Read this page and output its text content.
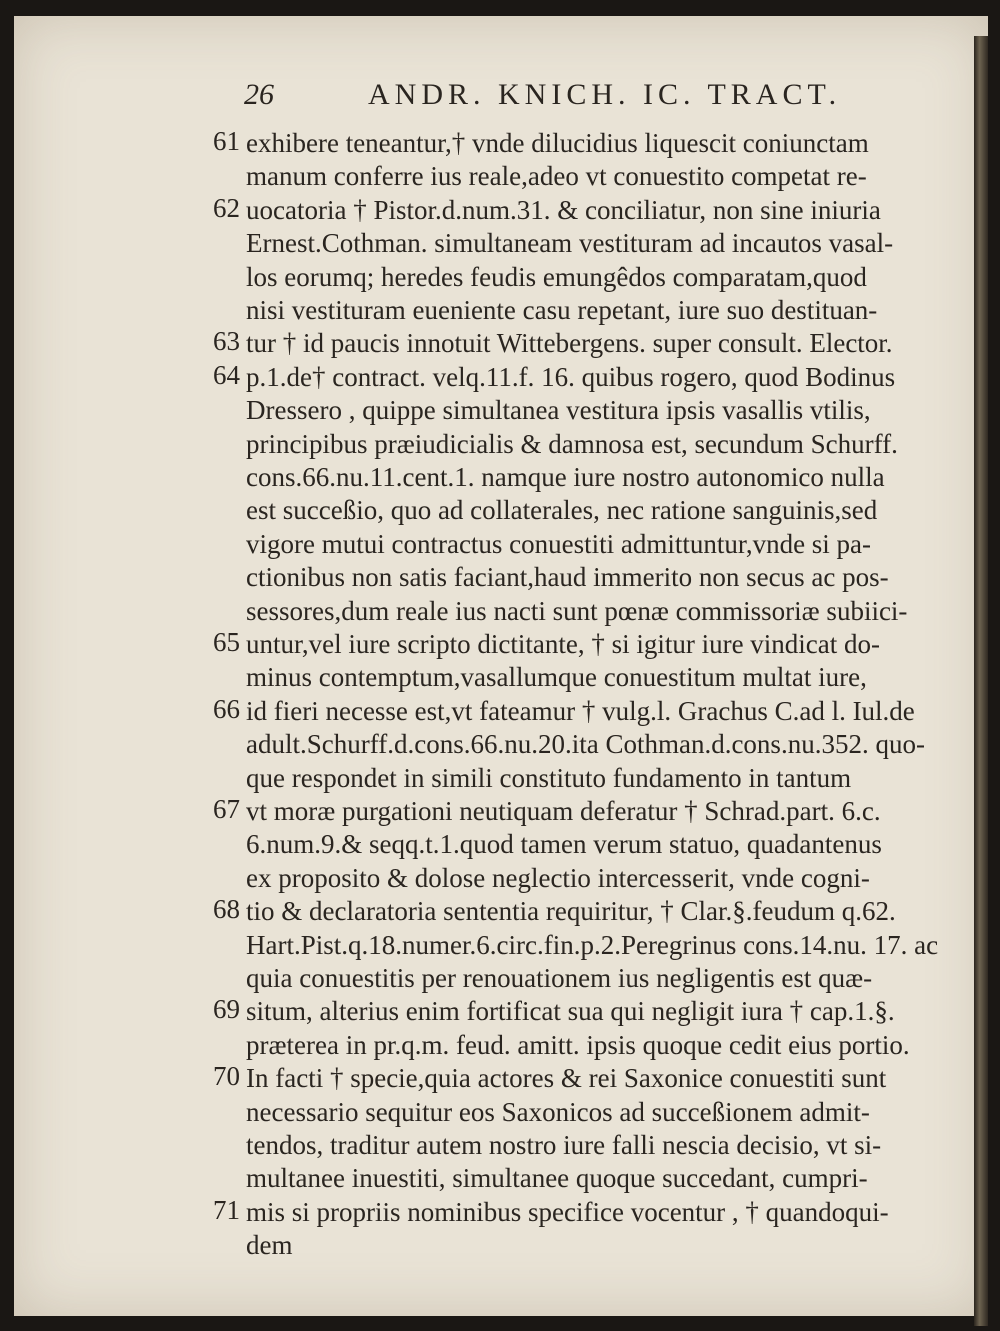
26	ANDR. KNICH. IC. TRACT.
61 exhibere teneantur,† vnde dilucidius liquescit coniunctam
manum conferre ius reale,adeo vt conuestito competat re-
62 uocatoria † Pistor.d.num.31. & conciliatur, non sine iniuria
Ernest.Cothman. simultaneam vestituram ad incautos vasal-
los eorumq; heredes feudis emungêdos comparatam,quod
nisi vestituram eueniente casu repetant, iure suo destituan-
63 tur † id paucis innotuit Wittebergens. super consult. Elector.
64 p.1.de† contract. velq.11.f. 16. quibus rogero, quod Bodinus
Dressero , quippe simultanea vestitura ipsis vasallis vtilis,
principibus præiudicialis & damnosa est, secundum Schurff.
cons.66.nu.11.cent.1. namque iure nostro autonomico nulla
est succeßio, quo ad collaterales, nec ratione sanguinis,sed
vigore mutui contractus conuestiti admittuntur,vnde si pa-
ctionibus non satis faciant,haud immerito non secus ac pos-
sessores,dum reale ius nacti sunt pœnæ commissoriæ subiici-
65 untur,vel iure scripto dictitante, † si igitur iure vindicat do-
minus contemptum,vasallumque conuestitum multat iure,
66 id fieri necesse est,vt fateamur † vulg.l. Grachus C.ad l. Iul.de
adult.Schurff.d.cons.66.nu.20.ita Cothman.d.cons.nu.352. quo-
que respondet in simili constituto fundamento in tantum
67 vt moræ purgationi neutiquam deferatur † Schrad.part. 6.c.
6.num.9.& seqq.t.1.quod tamen verum statuo, quadantenus
ex proposito & dolose neglectio intercesserit, vnde cogni-
68 tio & declaratoria sententia requiritur, † Clar.§.feudum q.62.
Hart.Pist.q.18.numer.6.circ.fin.p.2.Peregrinus cons.14.nu. 17. ac
quia conuestitis per renouationem ius negligentis est quæ-
69 situm, alterius enim fortificat sua qui negligit iura † cap.1.§.
præterea in pr.q.m. feud. amitt. ipsis quoque cedit eius portio.
70 In facti † specie,quia actores & rei Saxonice conuestiti sunt
necessario sequitur eos Saxonicos ad succeßionem admit-
tendos, traditur autem nostro iure falli nescia decisio, vt si-
multanee inuestiti, simultanee quoque succedant, cumpri-
71 mis si propriis nominibus specifice vocentur , † quandoqui-
dem
